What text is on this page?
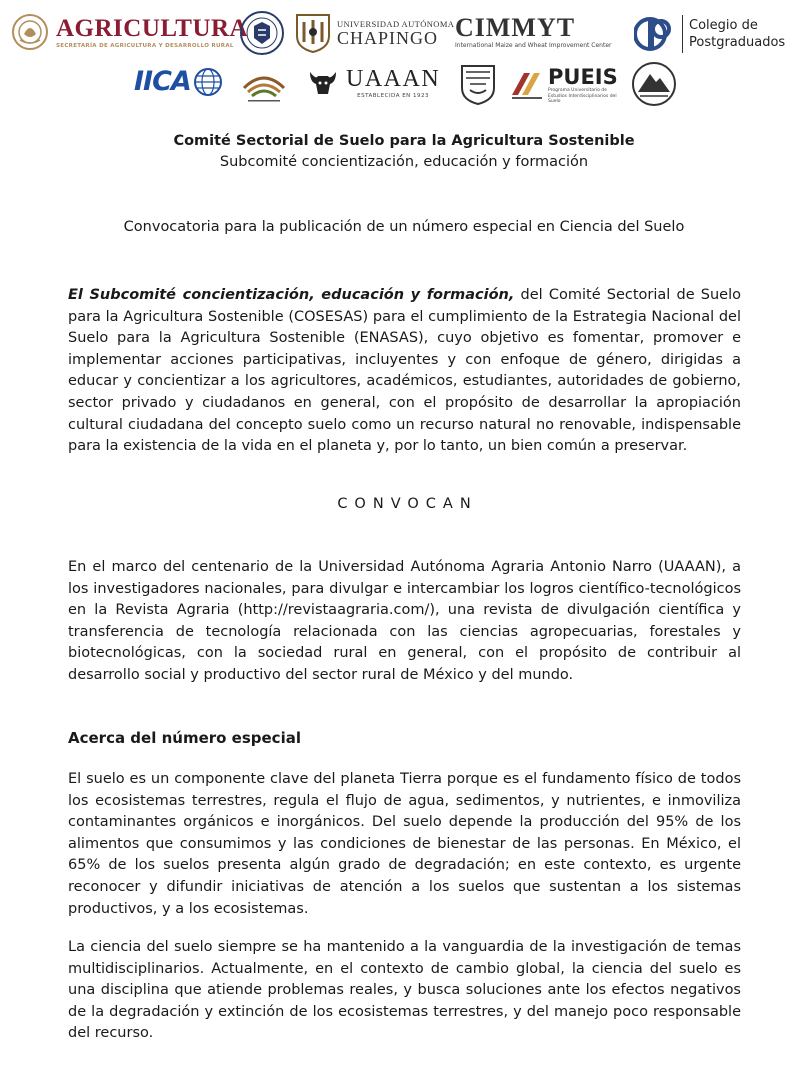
AGRICULTURA
SECRETARÍA DE AGRICULTURA Y DESARROLLO RURAL
UNIVERSIDAD AUTÓNOMA
CHAPINGO CIMMYT
International Maize and Wheat Improvement Center
Colegio de
Postgraduados
IICA	UAAAN
ESTABLECIDA EN 1923
PUEIS
Programa Universitario de Estudios Interdisciplinarios del Suelo
Comité Sectorial de Suelo para la Agricultura Sostenible
Subcomité concientización, educación y formación
Convocatoria para la publicación de un número especial en Ciencia del Suelo

El Subcomité concientización, educación y formación, del Comité Sectorial de Suelo para la Agricultura Sostenible (COSESAS) para el cumplimiento de la Estrategia Nacional del Suelo para la Agricultura Sostenible (ENASAS), cuyo objetivo es fomentar, promover e implementar acciones participativas, incluyentes y con enfoque de género, dirigidas a educar y concientizar a los agricultores, académicos, estudiantes, autoridades de gobierno, sector privado y ciudadanos en general, con el propósito de desarrollar la apropiación cultural ciudadana del concepto suelo como un recurso natural no renovable, indispensable para la existencia de la vida en el planeta y, por lo tanto, un bien común a preservar.

CONVOCAN

En el marco del centenario de la Universidad Autónoma Agraria Antonio Narro (UAAAN), a los investigadores nacionales, para divulgar e intercambiar los logros científico-tecnológicos en la Revista Agraria (http://revistaagraria.com/), una revista de divulgación científica y transferencia de tecnología relacionada con las ciencias agropecuarias, forestales y biotecnológicas, con la sociedad rural en general, con el propósito de contribuir al desarrollo social y productivo del sector rural de México y del mundo.

Acerca del número especial

El suelo es un componente clave del planeta Tierra porque es el fundamento físico de todos los ecosistemas terrestres, regula el flujo de agua, sedimentos, y nutrientes, e inmoviliza contaminantes orgánicos e inorgánicos. Del suelo depende la producción del 95% de los alimentos que consumimos y las condiciones de bienestar de las personas. En México, el 65% de los suelos presenta algún grado de degradación; en este contexto, es urgente reconocer y difundir iniciativas de atención a los suelos que sustentan a los sistemas productivos, y a los ecosistemas.

La ciencia del suelo siempre se ha mantenido a la vanguardia de la investigación de temas multidisciplinarios. Actualmente, en el contexto de cambio global, la ciencia del suelo es una disciplina que atiende problemas reales, y busca soluciones ante los efectos negativos de la degradación y extinción de los ecosistemas terrestres, y del manejo poco responsable del recurso.
